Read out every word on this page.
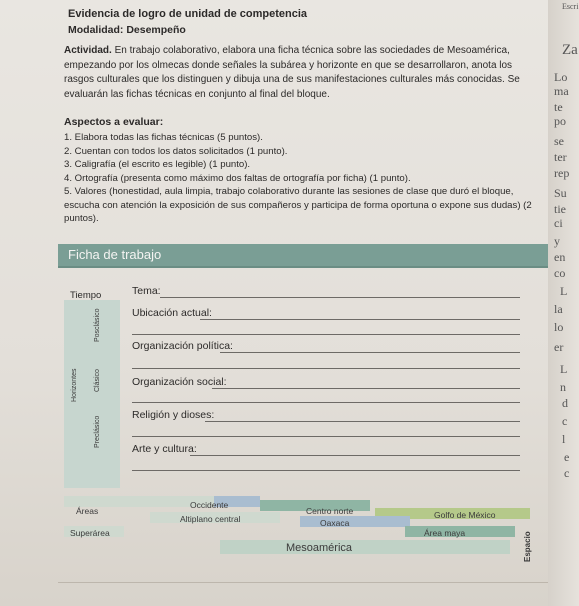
Evidencia de logro de unidad de competencia
Modalidad: Desempeño
Actividad. En trabajo colaborativo, elabora una ficha técnica sobre las sociedades de Mesoamérica, empezando por los olmecas donde señales la subárea y horizonte en que se desarrollaron, anota los rasgos culturales que los distinguen y dibuja una de sus manifestaciones culturales más conocidas. Se evaluarán las fichas técnicas en conjunto al final del bloque.
Aspectos a evaluar:
1. Elabora todas las fichas técnicas (5 puntos).
2. Cuentan con todos los datos solicitados (1 punto).
3. Caligrafía (el escrito es legible) (1 punto).
4. Ortografía (presenta como máximo dos faltas de ortografía por ficha) (1 punto).
5. Valores (honestidad, aula limpia, trabajo colaborativo durante las sesiones de clase que duró el bloque, escucha con atención la exposición de sus compañeros y participa de forma oportuna o expone sus dudas) (2 puntos).
Ficha de trabajo
Tiempo
Horizontes
Posclásico
Clásico
Preclásico
Tema:
Ubicación actual:
Organización política:
Organización social:
Religión y dioses:
Arte y cultura:
Áreas
Superárea
Occidente
Altiplano central
Centro norte
Oaxaca
Golfo de México
Área maya
Mesoamérica	Espacio
Escri
Za
Lo
ma
te
po
se
ter
rep
Su
tie
ci
y
en
co
L
la
lo
er
L
n
d
c
l
e
c
